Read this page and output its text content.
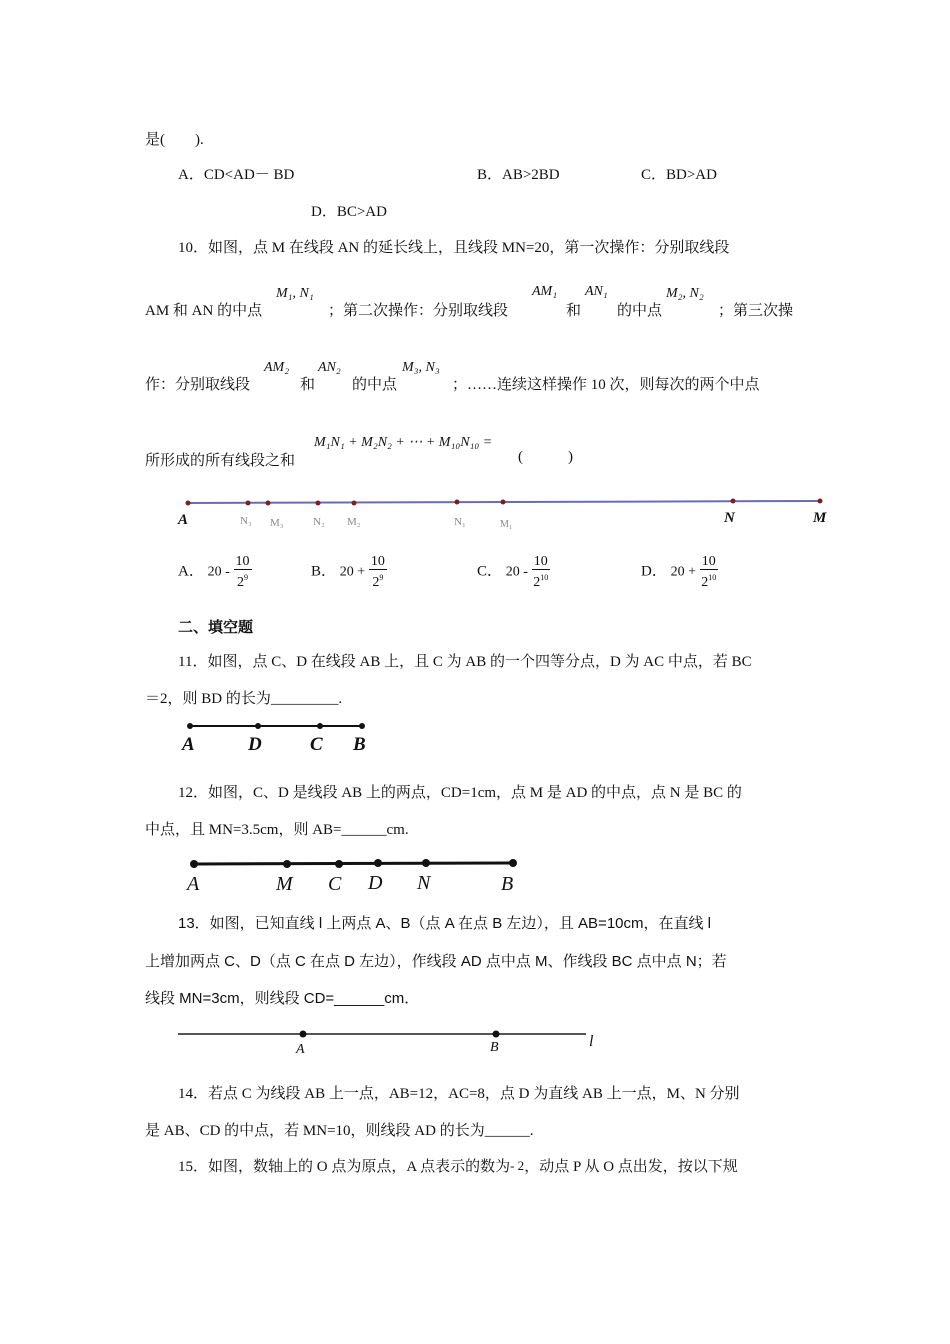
是(  ).
A．CD<AD－ BD	B．AB>2BD	C．BD>AD
D．BC>AD
10．如图，点 M 在线段 AN 的延长线上，且线段 MN=20，第一次操作：分别取线段
AM 和 AN 的中点
M₁, N₁
；第二次操作：分别取线段
AM₁
和
AN₁
的中点
M₂, N₂
；第三次操
作：分别取线段
AM₂
和
AN₂
的中点
M₃, N₃
；……连续这样操作 10 次，则每次的两个中点
所形成的所有线段之和
M₁N₁ + M₂N₂ + ⋯ + M₁₀N₁₀ =
(   )
A	N₃ M₃	N₂ M₂	N₁	M₁	N	M
A． $20 - \frac{10}{2^9}$	B． $20 + \frac{10}{2^9}$	C． $20 - \frac{10}{2^{10}}$	D． $20 + \frac{10}{2^{10}}$
二、填空题
11．如图，点 C、D 在线段 AB 上，且 C 为 AB 的一个四等分点，D 为 AC 中点，若 BC
＝2，则 BD 的长为_________.
A	D	C B
12．如图，C、D 是线段 AB 上的两点，CD=1cm，点 M 是 AD 的中点，点 N 是 BC 的
中点，且 MN=3.5cm，则 AB=______cm.
A	M C D N	B
13．如图，已知直线 l 上两点 A、B（点 A 在点 B 左边），且 AB=10cm，在直线 l
上增加两点 C、D（点 C 在点 D 左边），作线段 AD 点中点 M、作线段 BC 点中点 N；若
线段 MN=3cm，则线段 CD=______cm．
A	B	l
14．若点 C 为线段 AB 上一点，AB=12，AC=8，点 D 为直线 AB 上一点，M、N 分别
是 AB、CD 的中点，若 MN=10，则线段 AD 的长为______.
15．如图，数轴上的 O 点为原点，A 点表示的数为- 2，动点 P 从 O 点出发，按以下规
